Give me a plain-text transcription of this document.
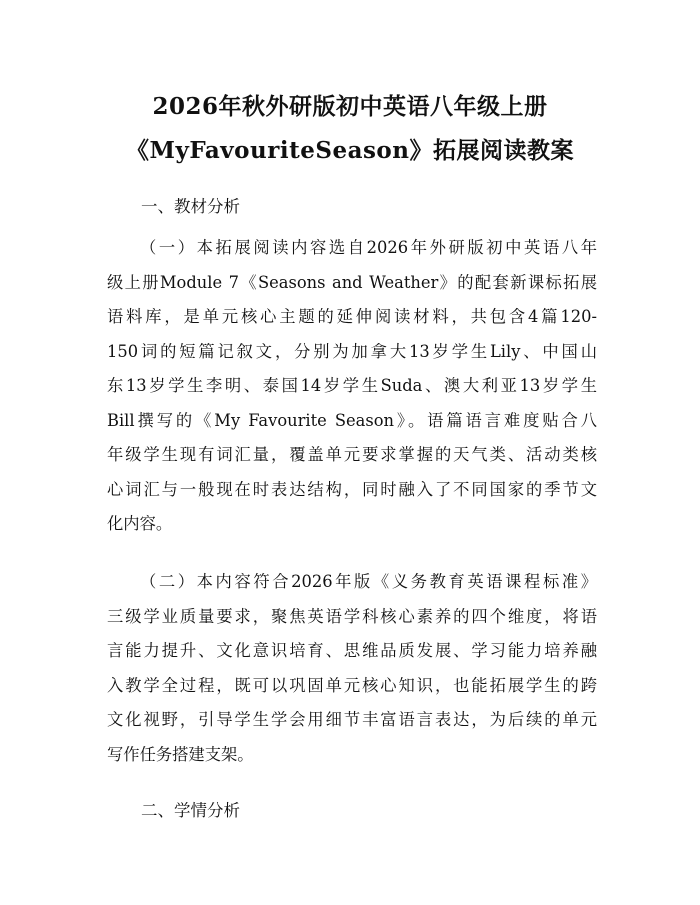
2026年秋外研版初中英语八年级上册
《MyFavouriteSeason》拓展阅读教案
一、教材分析
（一）本拓展阅读内容选自2026年外研版初中英语八年
级上册Module 7《Seasons and Weather》的配套新课标拓展
语料库，是单元核心主题的延伸阅读材料，共包含4篇120-
150词的短篇记叙文，分别为加拿大13岁学生Lily、中国山
东13岁学生李明、泰国14岁学生Suda、澳大利亚13岁学生
Bill撰写的《My Favourite Season》。语篇语言难度贴合八
年级学生现有词汇量，覆盖单元要求掌握的天气类、活动类核
心词汇与一般现在时表达结构，同时融入了不同国家的季节文
化内容。
（二）本内容符合2026年版《义务教育英语课程标准》
三级学业质量要求，聚焦英语学科核心素养的四个维度，将语
言能力提升、文化意识培育、思维品质发展、学习能力培养融
入教学全过程，既可以巩固单元核心知识，也能拓展学生的跨
文化视野，引导学生学会用细节丰富语言表达，为后续的单元
写作任务搭建支架。
二、学情分析
